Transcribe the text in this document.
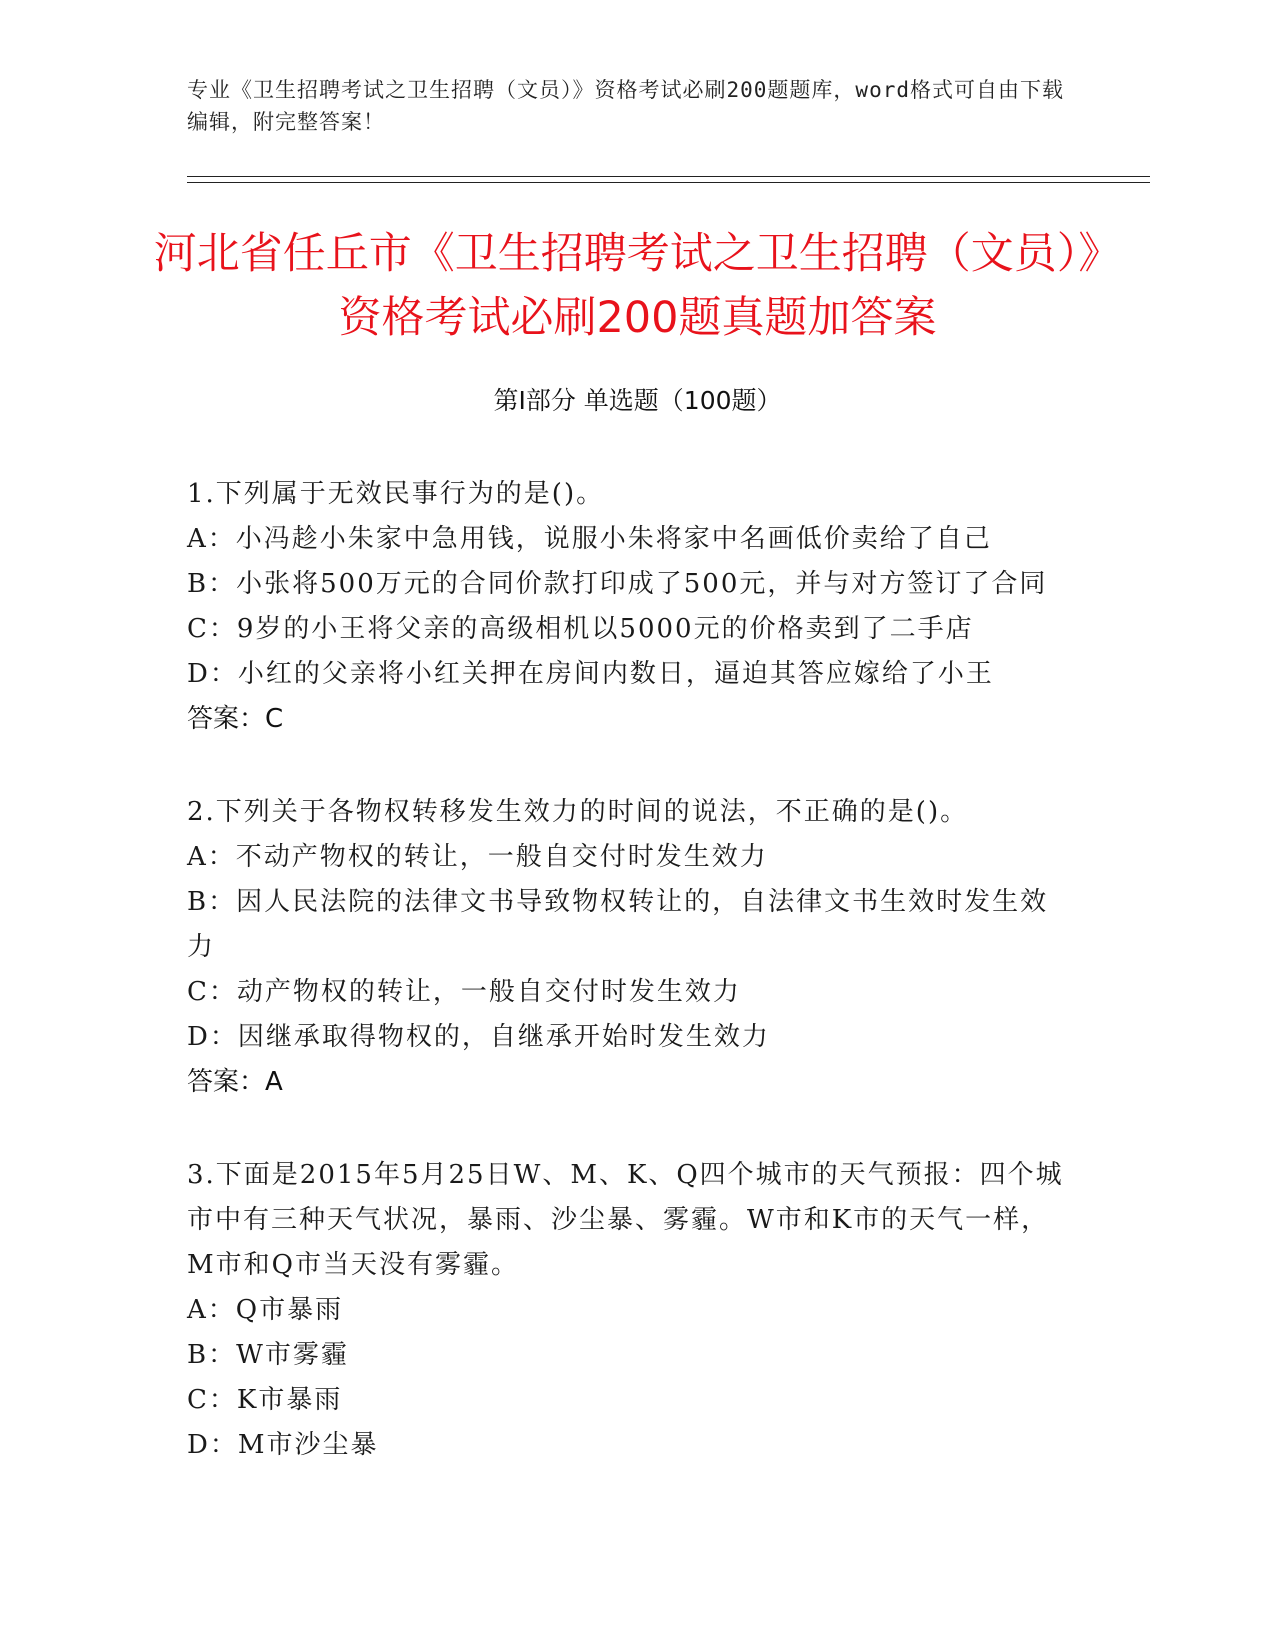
专业《卫生招聘考试之卫生招聘（文员）》资格考试必刷200题题库，word格式可自由下载编辑，附完整答案！
河北省任丘市《卫生招聘考试之卫生招聘（文员）》资格考试必刷200题真题加答案
第Ⅰ部分 单选题（100题）

1.下列属于无效民事行为的是()。

A：小冯趁小朱家中急用钱，说服小朱将家中名画低价卖给了自己

B：小张将500万元的合同价款打印成了500元，并与对方签订了合同

C：9岁的小王将父亲的高级相机以5000元的价格卖到了二手店

D：小红的父亲将小红关押在房间内数日，逼迫其答应嫁给了小王

答案：C

2.下列关于各物权转移发生效力的时间的说法，不正确的是()。

A：不动产物权的转让，一般自交付时发生效力

B：因人民法院的法律文书导致物权转让的，自法律文书生效时发生效力

C：动产物权的转让，一般自交付时发生效力

D：因继承取得物权的，自继承开始时发生效力

答案：A

3.下面是2015年5月25日W、M、K、Q四个城市的天气预报：四个城市中有三种天气状况，暴雨、沙尘暴、雾霾。W市和K市的天气一样，M市和Q市当天没有雾霾。

A：Q市暴雨

B：W市雾霾

C：K市暴雨

D：M市沙尘暴
